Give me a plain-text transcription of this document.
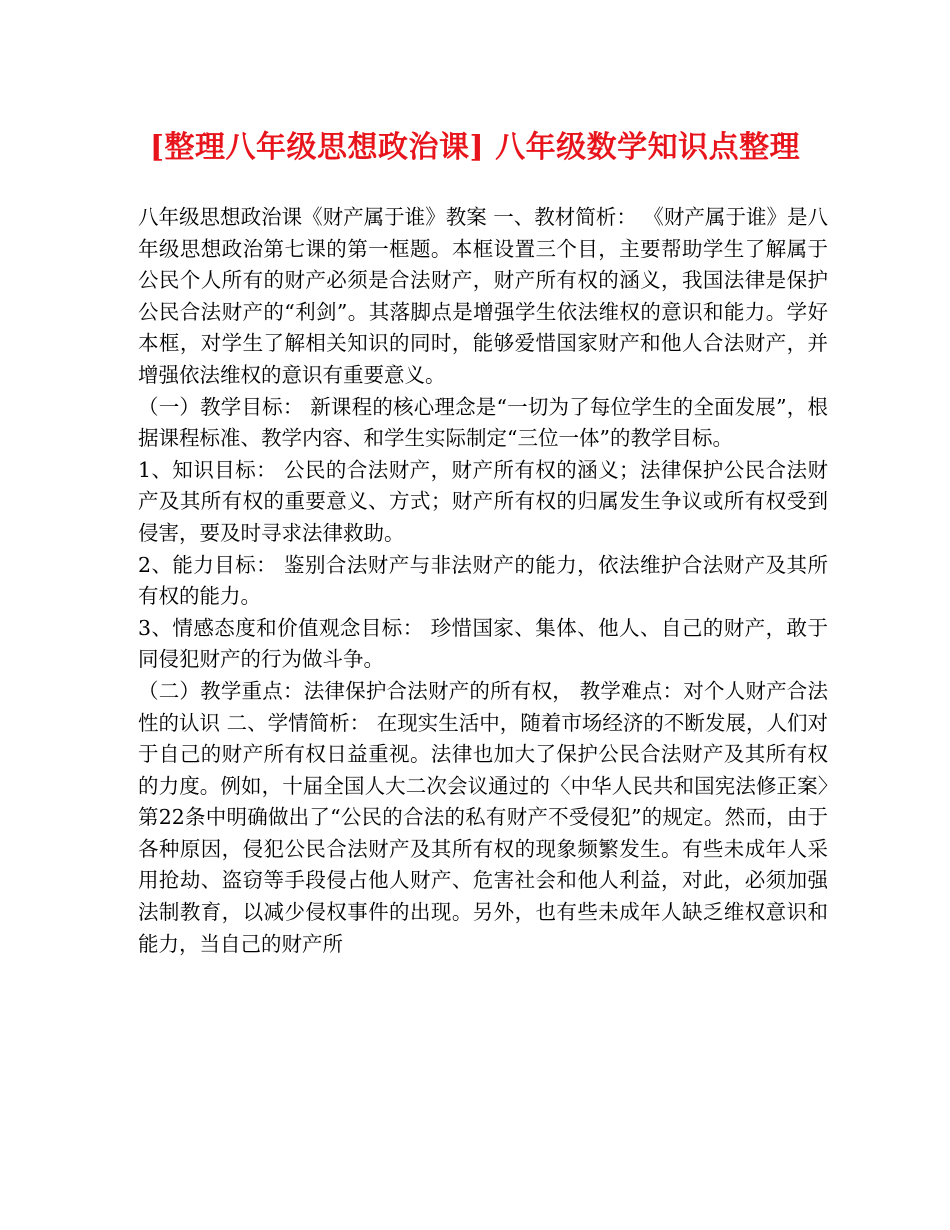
[整理八年级思想政治课] 八年级数学知识点整理

八年级思想政治课《财产属于谁》教案 一、教材简析： 《财产属于谁》是八年级思想政治第七课的第一框题。本框设置三个目，主要帮助学生了解属于公民个人所有的财产必须是合法财产，财产所有权的涵义，我国法律是保护公民合法财产的“利剑”。其落脚点是增强学生依法维权的意识和能力。学好本框，对学生了解相关知识的同时，能够爱惜国家财产和他人合法财产，并增强依法维权的意识有重要意义。

（一）教学目标： 新课程的核心理念是“一切为了每位学生的全面发展”，根据课程标准、教学内容、和学生实际制定“三位一体”的教学目标。

1、知识目标： 公民的合法财产，财产所有权的涵义；法律保护公民合法财产及其所有权的重要意义、方式；财产所有权的归属发生争议或所有权受到侵害，要及时寻求法律救助。

2、能力目标： 鉴别合法财产与非法财产的能力，依法维护合法财产及其所有权的能力。

3、情感态度和价值观念目标： 珍惜国家、集体、他人、自己的财产，敢于同侵犯财产的行为做斗争。

（二）教学重点：法律保护合法财产的所有权， 教学难点：对个人财产合法性的认识 二、学情简析： 在现实生活中，随着市场经济的不断发展，人们对于自己的财产所有权日益重视。法律也加大了保护公民合法财产及其所有权的力度。例如，十届全国人大二次会议通过的〈中华人民共和国宪法修正案〉第22条中明确做出了“公民的合法的私有财产不受侵犯”的规定。然而，由于各种原因，侵犯公民合法财产及其所有权的现象频繁发生。有些未成年人采用抢劫、盗窃等手段侵占他人财产、危害社会和他人利益，对此，必须加强法制教育，以减少侵权事件的出现。另外，也有些未成年人缺乏维权意识和能力，当自己的财产所
